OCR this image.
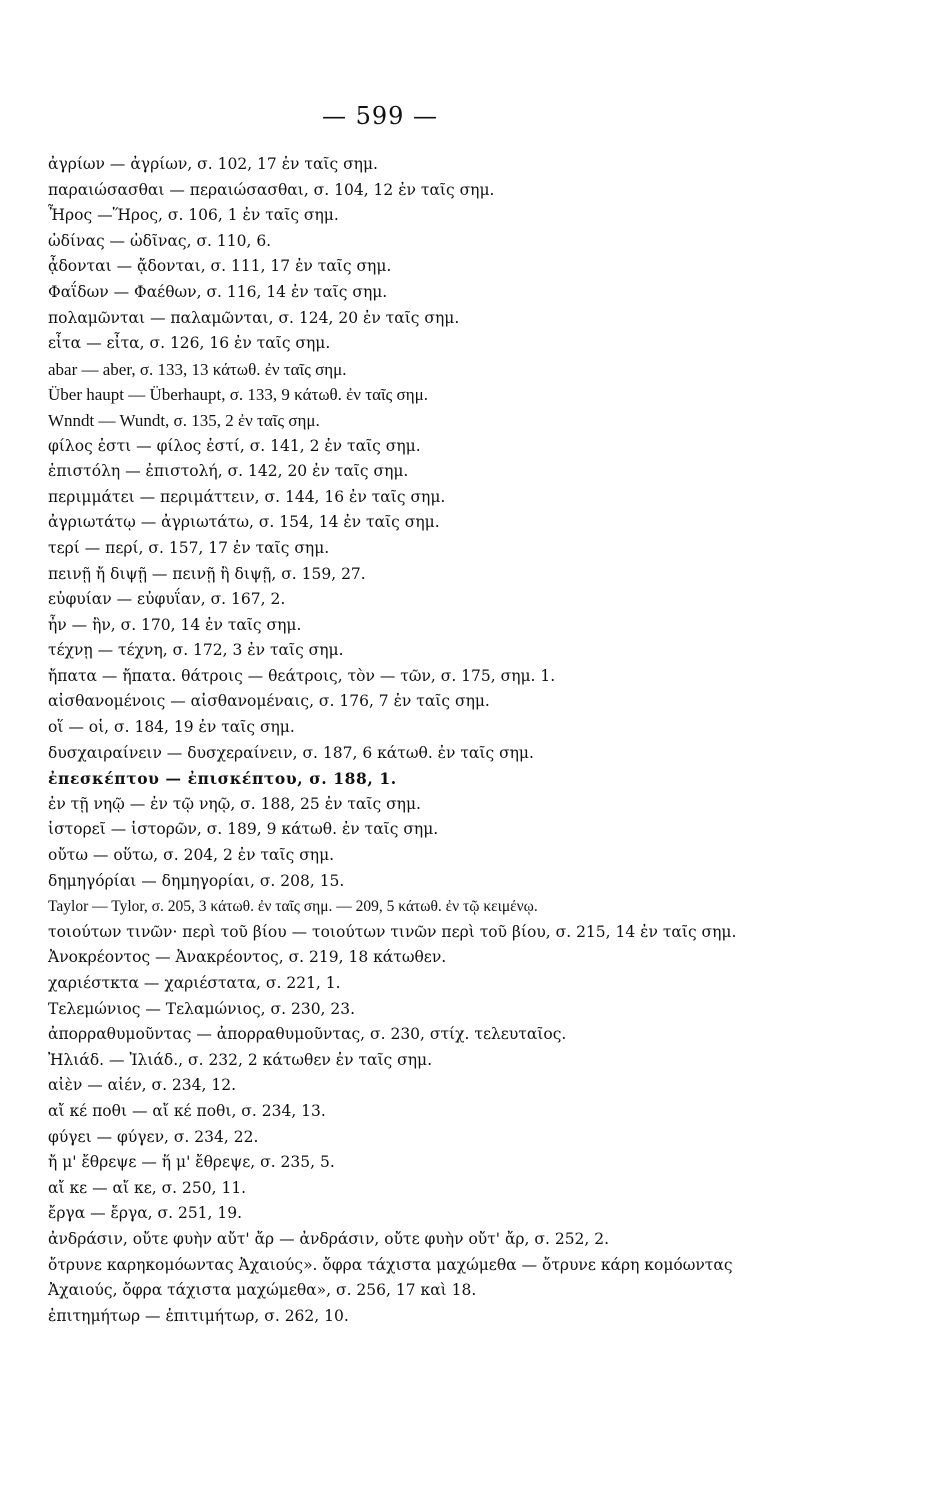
— 599 —
ἀγρίων — ἀγρίων, σ. 102, 17 ἐν ταῖς σημ.
παραιώσασθαι — περαιώσασθαι, σ. 104, 12 ἐν ταῖς σημ.
Ἦρος —Ἥρος, σ. 106, 1 ἐν ταῖς σημ.
ὠδίνας — ὠδῖνας, σ. 110, 6.
ᾆδονται — ᾄδονται, σ. 111, 17 ἐν ταῖς σημ.
Φαΐδων — Φαέθων, σ. 116, 14 ἐν ταῖς σημ.
πολαμῶνται — παλαμῶνται, σ. 124, 20 ἐν ταῖς σημ.
εἶτα — εἶτα, σ. 126, 16 ἐν ταῖς σημ.
abar — aber, σ. 133, 13 κάτωθ. ἐν ταῖς σημ.
Über haupt — Überhaupt, σ. 133, 9 κάτωθ. ἐν ταῖς σημ.
Wnndt — Wundt, σ. 135, 2 ἐν ταῖς σημ.
φίλος ἐστι — φίλος ἐστί, σ. 141, 2 ἐν ταῖς σημ.
ἐπιστόλη — ἐπιστολή, σ. 142, 20 ἐν ταῖς σημ.
περιμμάτει — περιμάττειν, σ. 144, 16 ἐν ταῖς σημ.
ἀγριωτάτῳ — ἀγριωτάτω, σ. 154, 14 ἐν ταῖς σημ.
τερί — περί, σ. 157, 17 ἐν ταῖς σημ.
πεινῇ ἤ διψῇ — πεινῇ ἢ διψῇ, σ. 159, 27.
εὐφυίαν — εὐφυΐαν, σ. 167, 2.
ἦν — ἢν, σ. 170, 14 ἐν ταῖς σημ.
τέχνῃ — τέχνη, σ. 172, 3 ἐν ταῖς σημ.
ἤπατα — ἤπατα. θάτροις — θεάτροις, τὸν — τῶν, σ. 175, σημ. 1.
αἰσθανομένοις — αἰσθανομέναις, σ. 176, 7 ἐν ταῖς σημ.
οἵ — οἱ, σ. 184, 19 ἐν ταῖς σημ.
δυσχαιραίνειν — δυσχεραίνειν, σ. 187, 6 κάτωθ. ἐν ταῖς σημ.
ἐπεσκέπτου — ἐπισκέπτου, σ. 188, 1.
ἐν τῇ νηῷ — ἐν τῷ νηῷ, σ. 188, 25 ἐν ταῖς σημ.
ἱστορεῖ — ἱστορῶν, σ. 189, 9 κάτωθ. ἐν ταῖς σημ.
οὔτω — οὕτω, σ. 204, 2 ἐν ταῖς σημ.
δημηγόρίαι — δημηγορίαι, σ. 208, 15.
Taylor — Tylor, σ. 205, 3 κάτωθ. ἐν ταῖς σημ. — 209, 5 κάτωθ. ἐν τῷ κειμένῳ.
τοιούτων τινῶν· περὶ τοῦ βίου — τοιούτων τινῶν περὶ τοῦ βίου, σ. 215, 14 ἐν ταῖς σημ.
Ἀνοκρέοντος — Ἀνακρέοντος, σ. 219, 18 κάτωθεν.
χαριέστκτα — χαριέστατα, σ. 221, 1.
Τελεμώνιος — Τελαμώνιος, σ. 230, 23.
ἀπορραθυμοῦντας — ἀπορραθυμοῦντας, σ. 230, στίχ. τελευταῖος.
Ἠλιάδ. — Ἰλιάδ., σ. 232, 2 κάτωθεν ἐν ταῖς σημ.
αἰὲν — αἰέν, σ. 234, 12.
αἴ κέ ποθι — αἴ κέ ποθι, σ. 234, 13.
φύγει — φύγεν, σ. 234, 22.
ἤ μ' ἔθρεψε — ἥ μ' ἔθρεψε, σ. 235, 5.
αἴ κε — αἴ κε, σ. 250, 11.
ἔργα — ἔργα, σ. 251, 19.
ἀνδράσιν, οὔτε φυὴν αὔτ' ἄρ — ἀνδράσιν, οὔτε φυὴν οὔτ' ἄρ, σ. 252, 2.
ὄτρυνε καρηκομόωντας Ἀχαιούς». ὄφρα τάχιστα μαχώμεθα — ὄτρυνε κάρη κομόωντας Ἀχαιούς, ὄφρα τάχιστα μαχώμεθα», σ. 256, 17 καὶ 18.
ἐπιτημήτωρ — ἐπιτιμήτωρ, σ. 262, 10.
